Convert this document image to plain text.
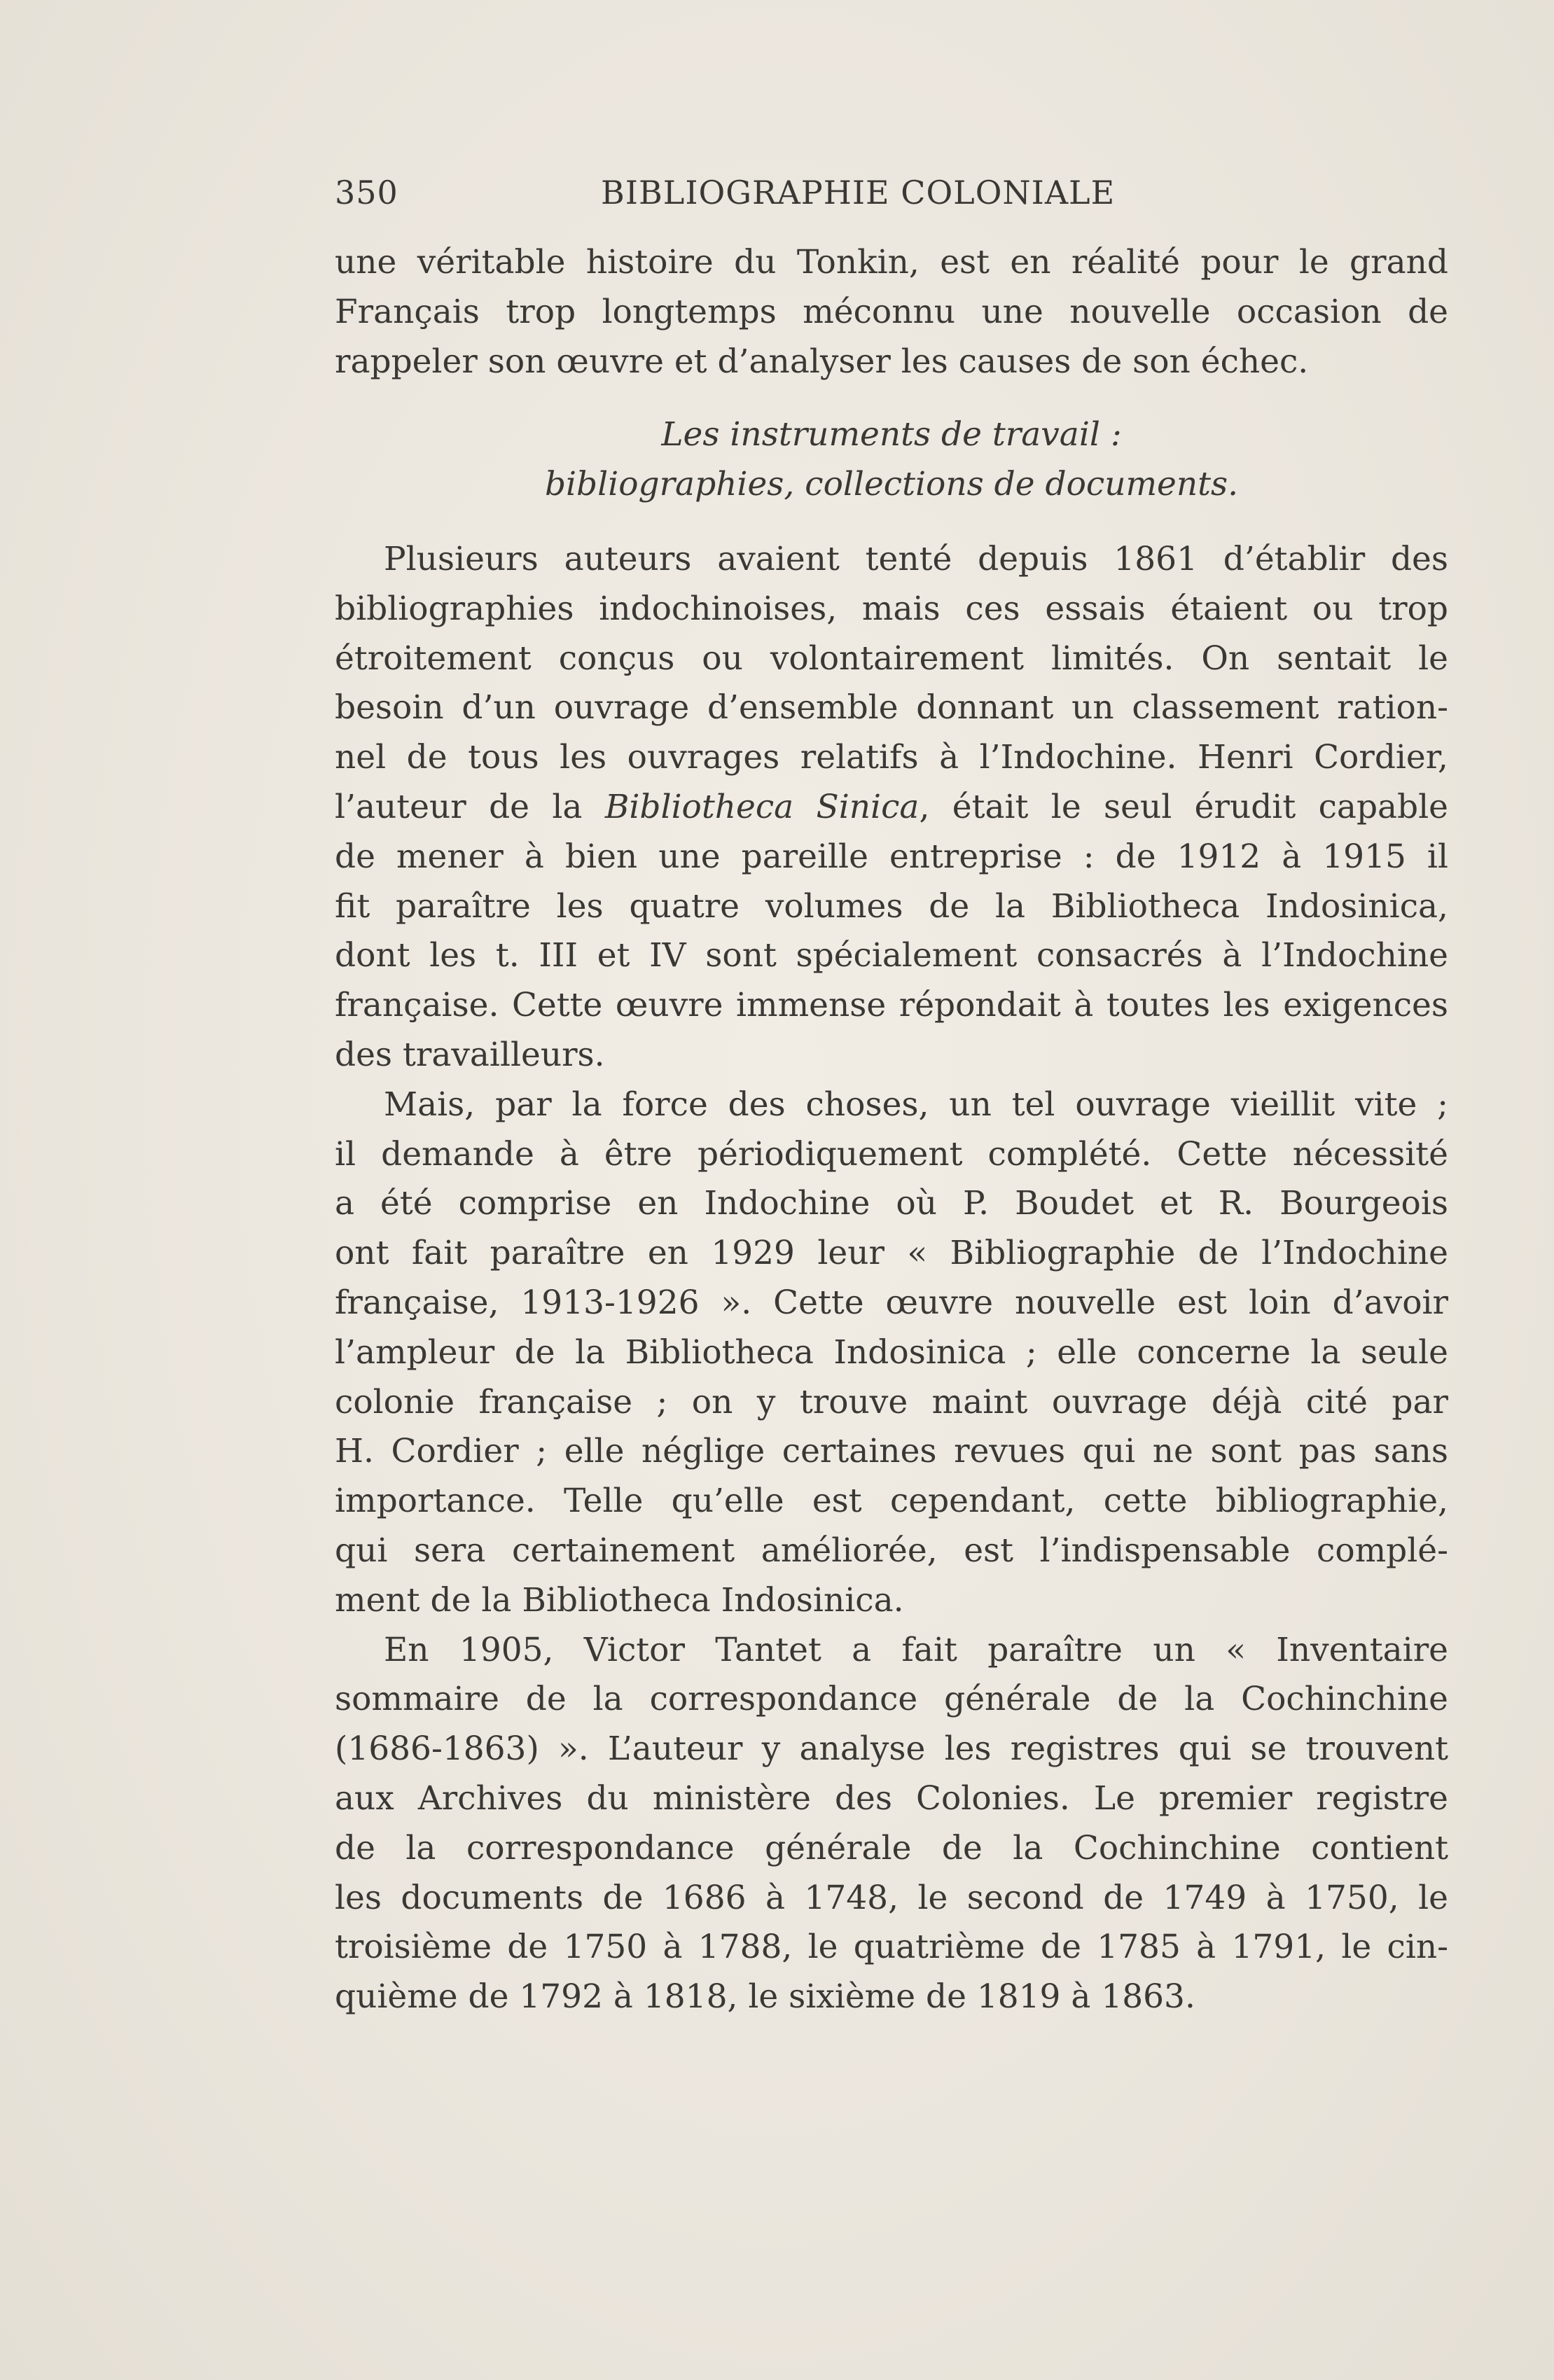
350	BIBLIOGRAPHIE COLONIALE
une véritable histoire du Tonkin, est en réalité pour le grand
Français trop longtemps méconnu une nouvelle occasion de
rappeler son œuvre et d’analyser les causes de son échec.
Les instruments de travail :
bibliographies, collections de documents.
Plusieurs auteurs avaient tenté depuis 1861 d’établir des
bibliographies indochinoises, mais ces essais étaient ou trop
étroitement conçus ou volontairement limités. On sentait le
besoin d’un ouvrage d’ensemble donnant un classement ration-
nel de tous les ouvrages relatifs à l’Indochine. Henri Cordier,
l’auteur de la Bibliotheca Sinica, était le seul érudit capable
de mener à bien une pareille entreprise : de 1912 à 1915 il
fit paraître les quatre volumes de la Bibliotheca Indosinica,
dont les t. III et IV sont spécialement consacrés à l’Indochine
française. Cette œuvre immense répondait à toutes les exigences
des travailleurs.
Mais, par la force des choses, un tel ouvrage vieillit vite ;
il demande à être périodiquement complété. Cette nécessité
a été comprise en Indochine où P. Boudet et R. Bourgeois
ont fait paraître en 1929 leur « Bibliographie de l’Indochine
française, 1913-1926 ». Cette œuvre nouvelle est loin d’avoir
l’ampleur de la Bibliotheca Indosinica ; elle concerne la seule
colonie française ; on y trouve maint ouvrage déjà cité par
H. Cordier ; elle néglige certaines revues qui ne sont pas sans
importance. Telle qu’elle est cependant, cette bibliographie,
qui sera certainement améliorée, est l’indispensable complé-
ment de la Bibliotheca Indosinica.
En 1905, Victor Tantet a fait paraître un « Inventaire
sommaire de la correspondance générale de la Cochinchine
(1686-1863) ». L’auteur y analyse les registres qui se trouvent
aux Archives du ministère des Colonies. Le premier registre
de la correspondance générale de la Cochinchine contient
les documents de 1686 à 1748, le second de 1749 à 1750, le
troisième de 1750 à 1788, le quatrième de 1785 à 1791, le cin-
quième de 1792 à 1818, le sixième de 1819 à 1863.
